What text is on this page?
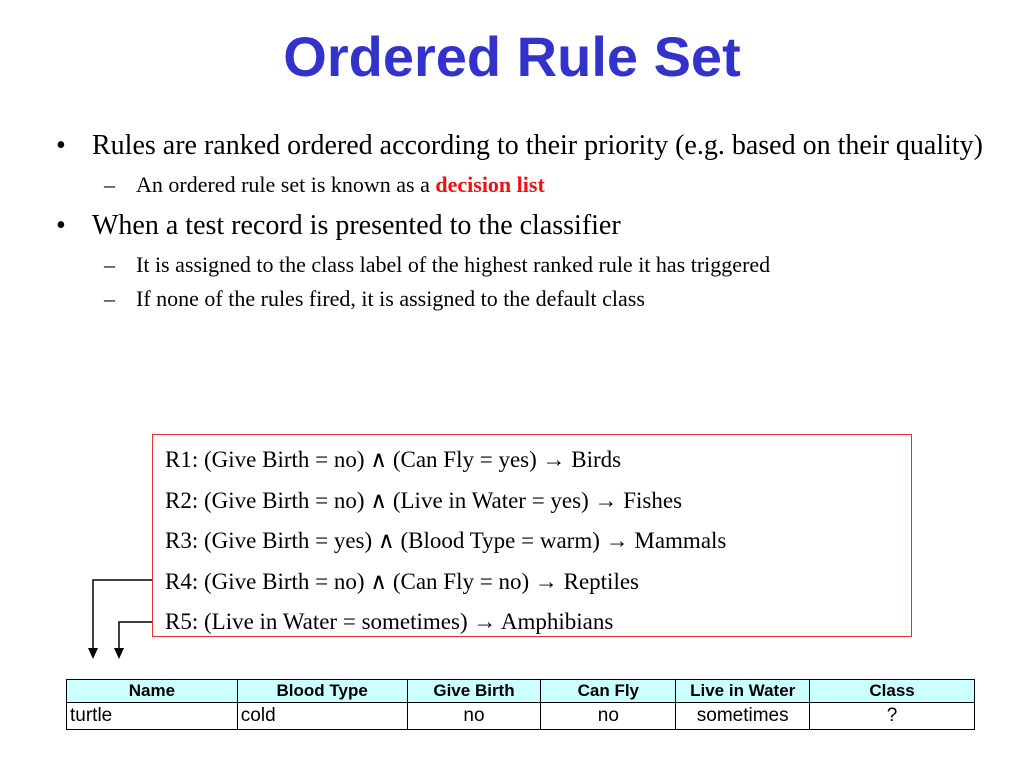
Ordered Rule Set
• Rules are ranked ordered according to their priority (e.g. based on their quality)
– An ordered rule set is known as a decision list
• When a test record is presented to the classifier
– It is assigned to the class label of the highest ranked rule it has triggered
– If none of the rules fired, it is assigned to the default class
R1: (Give Birth = no) ∧ (Can Fly = yes) → Birds
R2: (Give Birth = no) ∧ (Live in Water = yes) → Fishes
R3: (Give Birth = yes) ∧ (Blood Type = warm) → Mammals
R4: (Give Birth = no) ∧ (Can Fly = no) → Reptiles
R5: (Live in Water = sometimes) → Amphibians
Name	Blood Type	Give Birth	Can Fly	Live in Water	Class
turtle	cold	no	no	sometimes	?
